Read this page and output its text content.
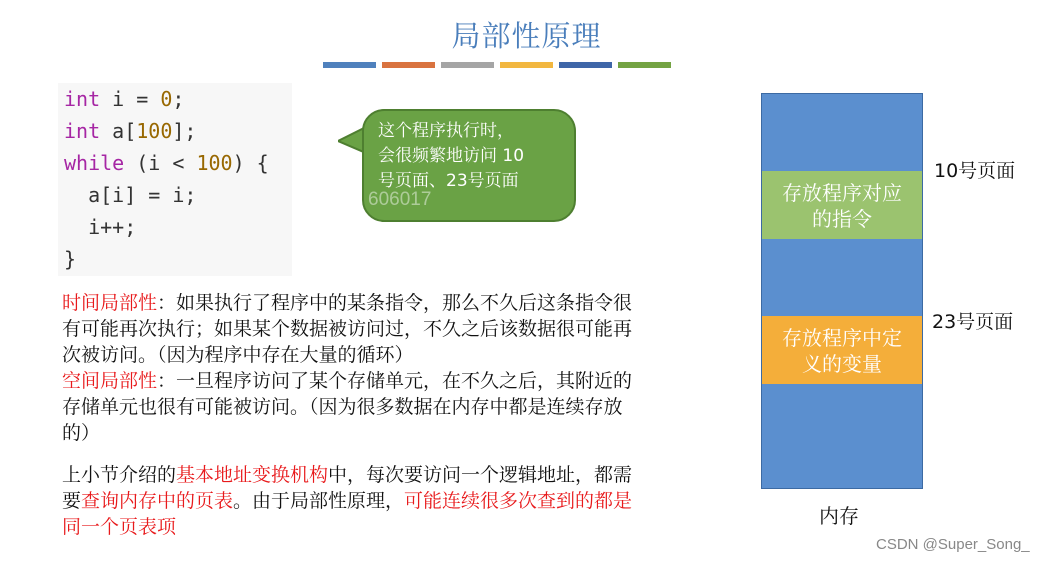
局部性原理
int i = 0;
int a[100];
while (i < 100) {
a[i] = i;
i++;
}
这个程序执行时，
会很频繁地访问 10
号页面、23号页面
606017
时间局部性：如果执行了程序中的某条指令，那么不久后这条指令很
有可能再次执行；如果某个数据被访问过，不久之后该数据很可能再
次被访问。（因为程序中存在大量的循环）
空间局部性：一旦程序访问了某个存储单元，在不久之后，其附近的
存储单元也很有可能被访问。（因为很多数据在内存中都是连续存放
的）
上小节介绍的基本地址变换机构中，每次要访问一个逻辑地址，都需
要查询内存中的页表。由于局部性原理，可能连续很多次查到的都是
同一个页表项
存放程序对应
的指令
存放程序中定
义的变量
10号页面
23号页面
内存
CSDN @Super_Song_
